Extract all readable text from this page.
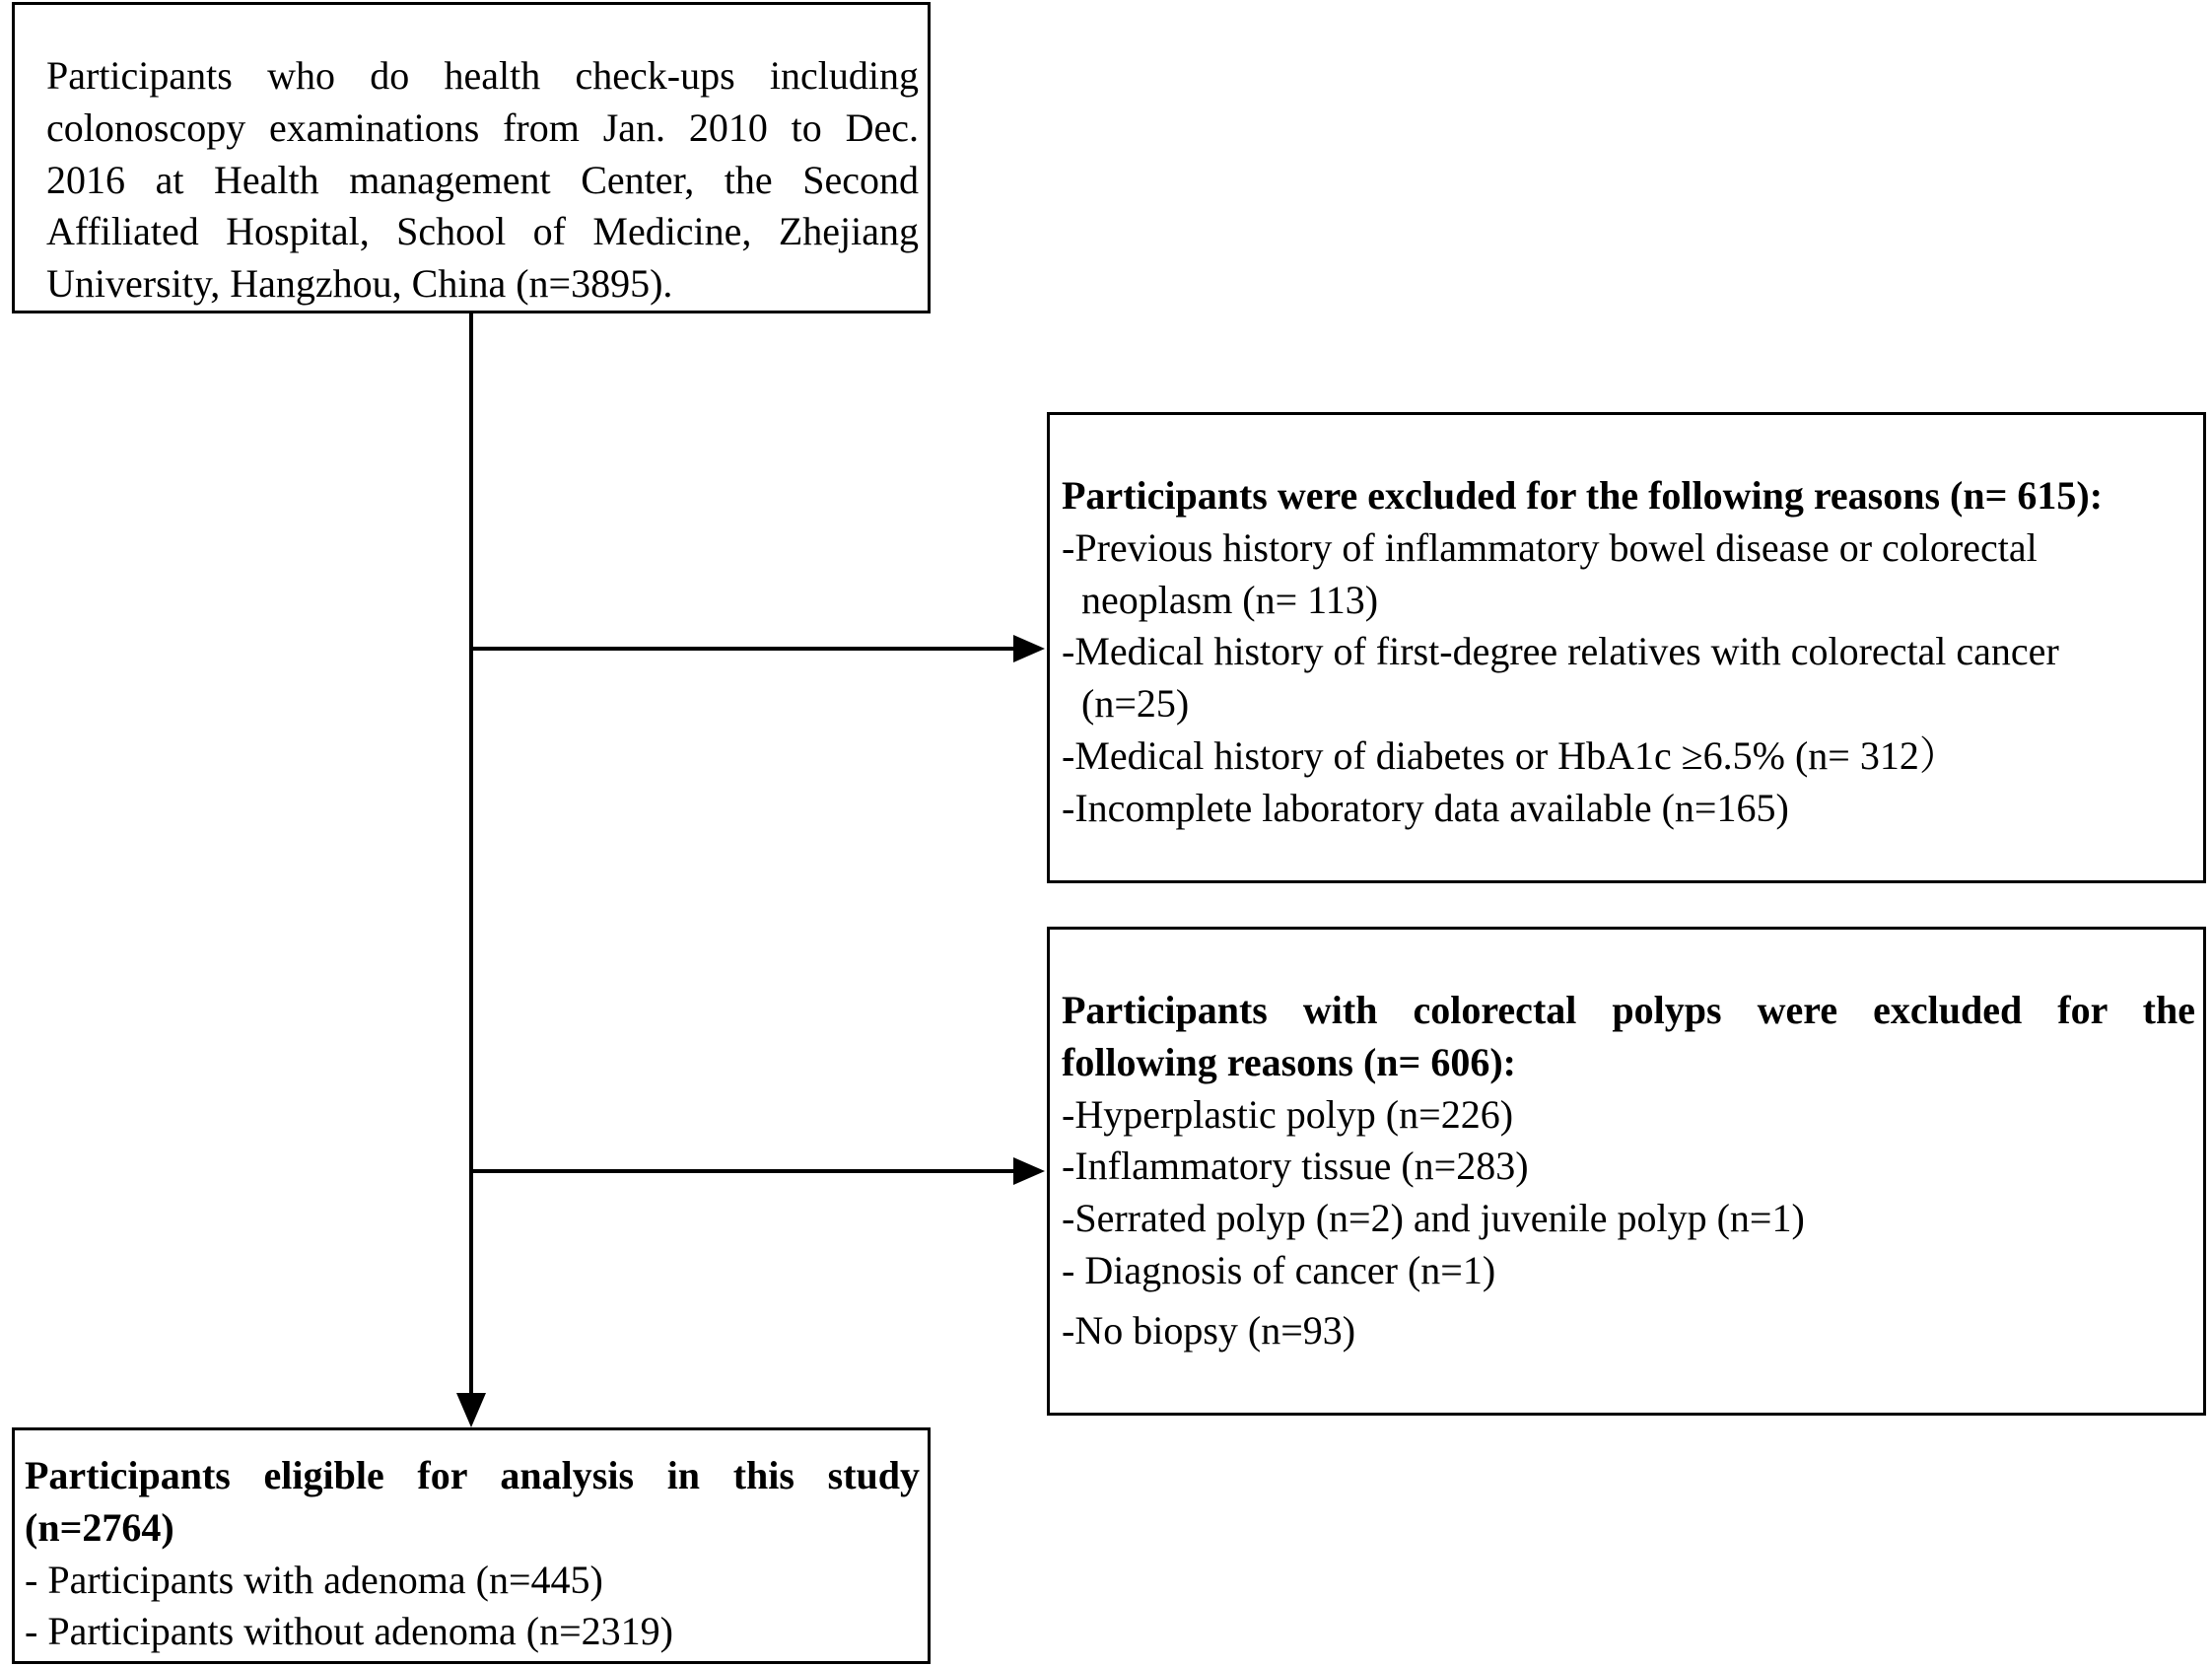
Participants who do health check-ups including colonoscopy examinations from Jan. 2010 to Dec. 2016 at Health management Center, the Second Affiliated Hospital, School of Medicine, Zhejiang University, Hangzhou, China (n=3895).
Participants were excluded for the following reasons (n= 615):
-Previous history of inflammatory bowel disease or colorectal
neoplasm (n= 113)
-Medical history of first-degree relatives with colorectal cancer
(n=25)
-Medical history of diabetes or HbA1c ≥6.5% (n= 312）
-Incomplete laboratory data available (n=165)
Participants with colorectal polyps were excluded for the
following reasons (n= 606):
-Hyperplastic polyp (n=226)
-Inflammatory tissue (n=283)
-Serrated polyp (n=2) and juvenile polyp (n=1)
- Diagnosis of cancer (n=1)
-No biopsy (n=93)
Participants eligible for analysis in this study
(n=2764)
- Participants with adenoma (n=445)
- Participants without adenoma (n=2319)
